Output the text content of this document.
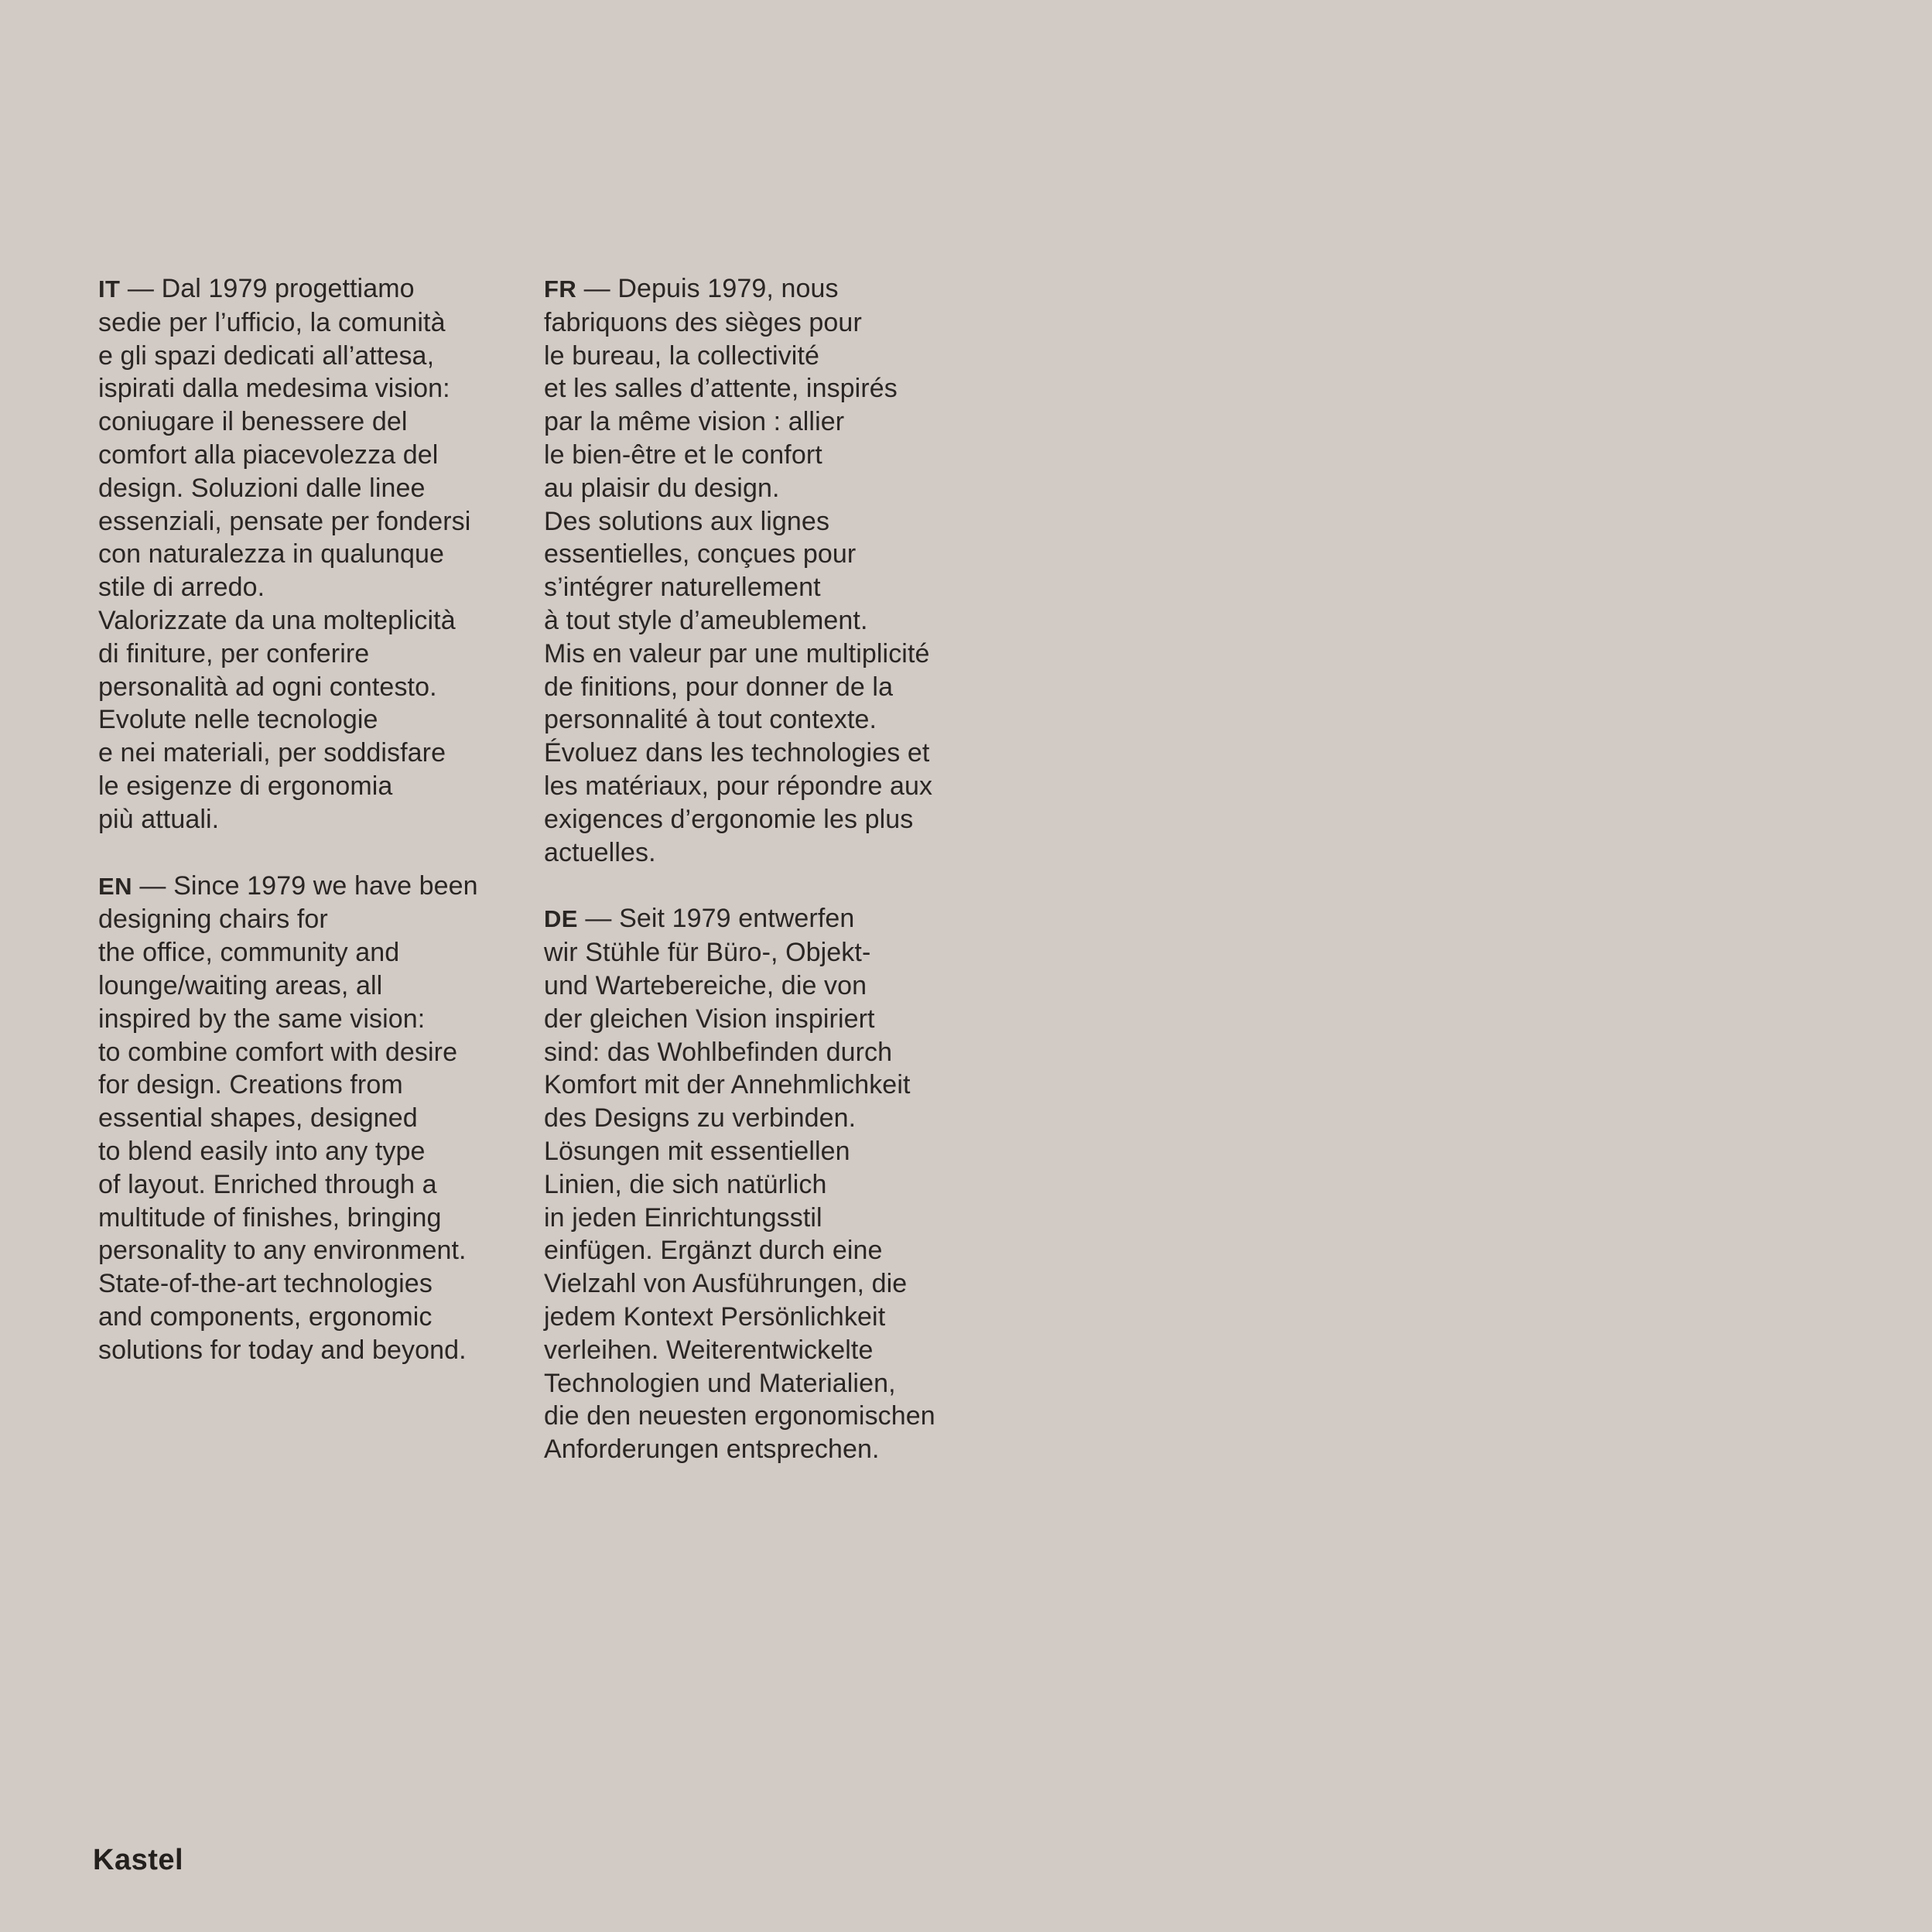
IT — Dal 1979 progettiamo
sedie per l’ufficio, la comunità
e gli spazi dedicati all’attesa,
ispirati dalla medesima vision:
coniugare il benessere del
comfort alla piacevolezza del
design. Soluzioni dalle linee
essenziali, pensate per fondersi
con naturalezza in qualunque
stile di arredo.
Valorizzate da una molteplicità
di finiture, per conferire
personalità ad ogni contesto.
Evolute nelle tecnologie
e nei materiali, per soddisfare
le esigenze di ergonomia
più attuali.
EN — Since 1979 we have been
designing chairs for
the office, community and
lounge/waiting areas, all
inspired by the same vision:
to combine comfort with desire
for design. Creations from
essential shapes, designed
to blend easily into any type
of layout. Enriched through a
multitude of finishes, bringing
personality to any environment.
State-of-the-art technologies
and components, ergonomic
solutions for today and beyond.
FR — Depuis 1979, nous
fabriquons des sièges pour
le bureau, la collectivité
et les salles d’attente, inspirés
par la même vision : allier
le bien-être et le confort
au plaisir du design.
Des solutions aux lignes
essentielles, conçues pour
s’intégrer naturellement
à tout style d’ameublement.
Mis en valeur par une multiplicité
de finitions, pour donner de la
personnalité à tout contexte.
Évoluez dans les technologies et
les matériaux, pour répondre aux
exigences d’ergonomie les plus
actuelles.
DE — Seit 1979 entwerfen
wir Stühle für Büro-, Objekt-
und Wartebereiche, die von
der gleichen Vision inspiriert
sind: das Wohlbefinden durch
Komfort mit der Annehmlichkeit
des Designs zu verbinden.
Lösungen mit essentiellen
Linien, die sich natürlich
in jeden Einrichtungsstil
einfügen. Ergänzt durch eine
Vielzahl von Ausführungen, die
jedem Kontext Persönlichkeit
verleihen. Weiterentwickelte
Technologien und Materialien,
die den neuesten ergonomischen
Anforderungen entsprechen.

Kastel
